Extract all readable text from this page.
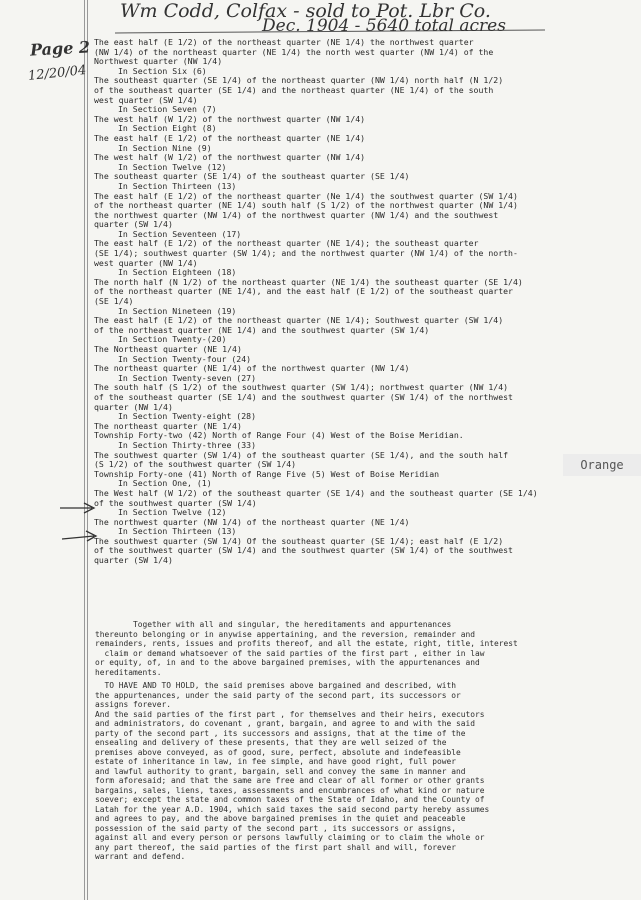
Wm Codd, Colfax - sold to Pot. Lbr Co.
Dec. 1904 - 5640 total acres
Page 2
12/20/04
The east half (E 1/2) of the northeast quarter (NE 1/4) the northwest quarter
(NW 1/4) of the northeast quarter (NE 1/4) the north west quarter (NW 1/4) of the
Northwest quarter (NW 1/4)
In Section Six (6)
The southeast quarter (SE 1/4) of the northeast quarter (NW 1/4) north half (N 1/2)
of the southeast quarter (SE 1/4) and the northeast quarter (NE 1/4) of the south
west quarter (SW 1/4)
In Section Seven (7)
The west half (W 1/2) of the northwest quarter (NW 1/4)
In Section Eight (8)
The east half (E 1/2) of the northeast quarter (NE 1/4)
In Section Nine (9)
The west half (W 1/2) of the northwest quarter (NW 1/4)
In Section Twelve (12)
The southeast quarter (SE 1/4) of the southeast quarter (SE 1/4)
In Section Thirteen (13)
The east half (E 1/2) of the northeast quarter (Ne 1/4) the southwest quarter (SW 1/4)
of the northeast quarter (NE 1/4) south half (S 1/2) of the northwest quarter (NW 1/4)
the northwest quarter (NW 1/4) of the northwest quarter (NW 1/4) and the southwest
quarter (SW 1/4)
In Section Seventeen (17)
The east half (E 1/2) of the northeast quarter (NE 1/4); the southeast quarter
(SE 1/4); southwest quarter (SW 1/4); and the northwest quarter (NW 1/4) of the north-
west quarter (NW 1/4)
In Section Eighteen (18)
The north half (N 1/2) of the northeast quarter (NE 1/4) the southeast quarter (SE 1/4)
of the northeast quarter (NE 1/4), and the east half (E 1/2) of the southeast quarter
(SE 1/4)
In Section Nineteen (19)
The east half (E 1/2) of the northeast quarter (NE 1/4); Southwest quarter (SW 1/4)
of the northeast quarter (NE 1/4) and the southwest quarter (SW 1/4)
In Section Twenty-(20)
The Northeast quarter (NE 1/4)
In Section Twenty-four (24)
The northeast quarter (NE 1/4) of the northwest quarter (NW 1/4)
In Section Twenty-seven (27)
The south half (S 1/2) of the southwest quarter (SW 1/4); northwest quarter (NW 1/4)
of the southeast quarter (SE 1/4) and the southwest quarter (SW 1/4) of the northwest
quarter (NW 1/4)
In Section Twenty-eight (28)
The northeast quarter (NE 1/4)
Township Forty-two (42) North of Range Four (4) West of the Boise Meridian.
In Section Thirty-three (33)
The southwest quarter (SW 1/4) of the southeast quarter (SE 1/4), and the south half
(S 1/2) of the southwest quarter (SW 1/4)
Township Forty-one (41) North of Range Five (5) West of Boise Meridian
In Section One, (1)
The West half (W 1/2) of the southeast quarter (SE 1/4) and the southeast quarter (SE 1/4)
of the southwest quarter (SW 1/4)
In Section Twelve (12)
The northwest quarter (NW 1/4) of the northeast quarter (NE 1/4)
In Section Thirteen (13)
The southwest quarter (SW 1/4) Of the southeast quarter (SE 1/4); east half (E 1/2)
of the southwest quarter (SW 1/4) and the southwest quarter (SW 1/4) of the southwest
quarter (SW 1/4)
Orange
Together with all and singular, the hereditaments and appurtenances
thereunto belonging or in anywise appertaining, and the reversion, remainder and
remainders, rents, issues and profits thereof, and all the estate, right, title, interest
claim or demand whatsoever of the said parties of the first part , either in law
or equity, of, in and to the above bargained premises, with the appurtenances and
hereditaments.
TO HAVE AND TO HOLD, the said premises above bargained and described, with
the appurtenances, under the said party of the second part, its successors or
assigns forever.
And the said parties of the first part , for themselves and their heirs, executors
and administrators, do covenant , grant, bargain, and agree to and with the said
party of the second part , its successors and assigns, that at the time of the
ensealing and delivery of these presents, that they are well seized of the
premises above conveyed, as of good, sure, perfect, absolute and indefeasible
estate of inheritance in law, in fee simple, and have good right, full power
and lawful authority to grant, bargain, sell and convey the same in manner and
form aforesaid; and that the same are free and clear of all former or other grants
bargains, sales, liens, taxes, assessments and encumbrances of what kind or nature
soever; except the state and common taxes of the State of Idaho, and the County of
Latah for the year A.D. 1904, which said taxes the said second party hereby assumes
and agrees to pay, and the above bargained premises in the quiet and peaceable
possession of the said party of the second part , its successors or assigns,
against all and every person or persons lawfully claiming or to claim the whole or
any part thereof, the said parties of the first part shall and will, forever
warrant and defend.
